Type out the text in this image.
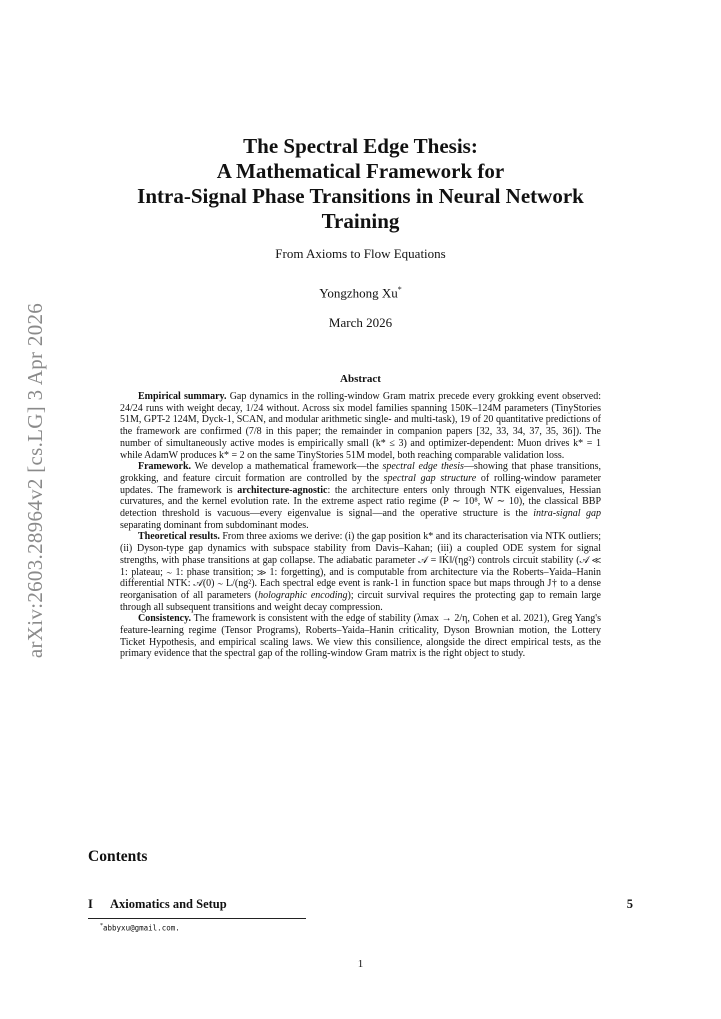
arXiv:2603.28964v2 [cs.LG] 3 Apr 2026
The Spectral Edge Thesis:
A Mathematical Framework for
Intra-Signal Phase Transitions in Neural Network
Training
From Axioms to Flow Equations
Yongzhong Xu*
March 2026
Abstract

Empirical summary. Gap dynamics in the rolling-window Gram matrix precede every grokking event observed: 24/24 runs with weight decay, 1/24 without. Across six model families spanning 150K–124M parameters (TinyStories 51M, GPT-2 124M, Dyck-1, SCAN, and modular arithmetic single- and multi-task), 19 of 20 quantitative predictions of the framework are confirmed (7/8 in this paper; the remainder in companion papers [32, 33, 34, 37, 35, 36]). The number of simultaneously active modes is empirically small (k* ≤ 3) and optimizer-dependent: Muon drives k* = 1 while AdamW produces k* = 2 on the same TinyStories 51M model, both reaching comparable validation loss.

Framework. We develop a mathematical framework—the spectral edge thesis—showing that phase transitions, grokking, and feature circuit formation are controlled by the spectral gap structure of rolling-window parameter updates. The framework is architecture-agnostic: the architecture enters only through NTK eigenvalues, Hessian curvatures, and the kernel evolution rate. In the extreme aspect ratio regime (P ∼ 10⁸, W ∼ 10), the classical BBP detection threshold is vacuous—every eigenvalue is signal—and the operative structure is the intra-signal gap separating dominant from subdominant modes.

Theoretical results. From three axioms we derive: (i) the gap position k* and its characterisation via NTK outliers; (ii) Dyson-type gap dynamics with subspace stability from Davis–Kahan; (iii) a coupled ODE system for signal strengths, with phase transitions at gap collapse. The adiabatic parameter 𝒜 = ‖K̇‖/(ηg²) controls circuit stability (𝒜 ≪ 1: plateau; ∼ 1: phase transition; ≫ 1: forgetting), and is computable from architecture via the Roberts–Yaida–Hanin differential NTK: 𝒜(0) ∼ L/(ng²). Each spectral edge event is rank-1 in function space but maps through J† to a dense reorganisation of all parameters (holographic encoding); circuit survival requires the protecting gap to remain large through all subsequent transitions and weight decay compression.

Consistency. The framework is consistent with the edge of stability (λmax → 2/η, Cohen et al. 2021), Greg Yang's feature-learning regime (Tensor Programs), Roberts–Yaida–Hanin criticality, Dyson Brownian motion, the Lottery Ticket Hypothesis, and empirical scaling laws. We view this consilience, alongside the direct empirical tests, as the primary evidence that the spectral gap of the rolling-window Gram matrix is the right object to study.

Contents
I	Axiomatics and Setup	5
*abbyxu@gmail.com.
1
